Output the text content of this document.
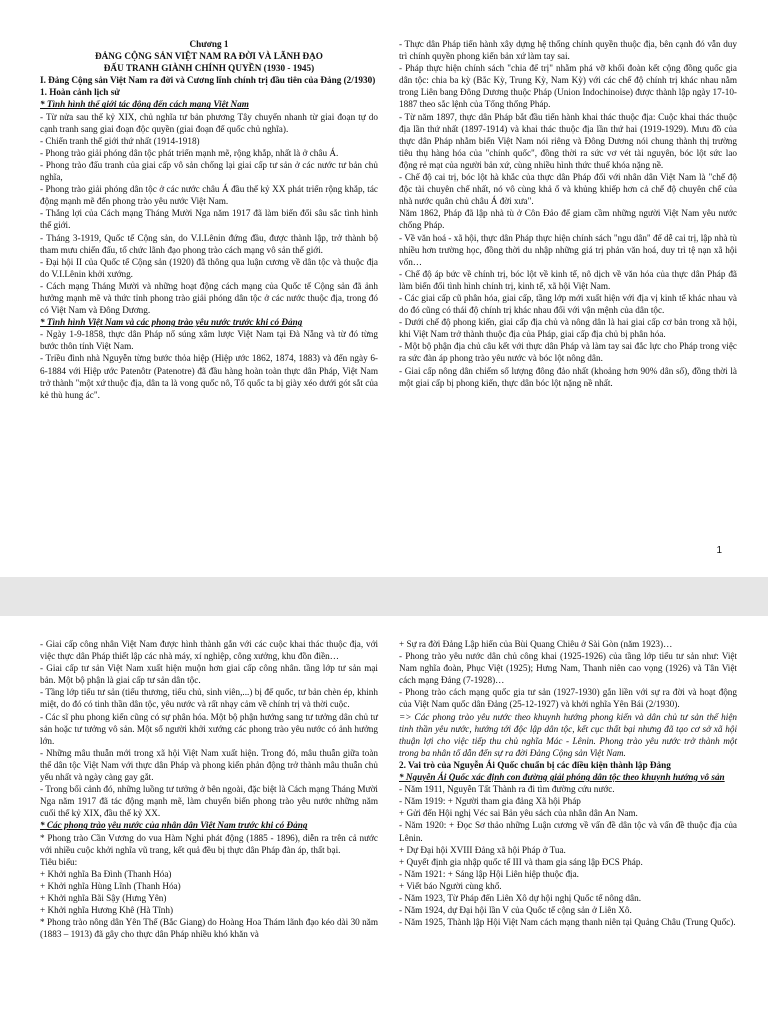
Chương 1

ĐẢNG CỘNG SẢN VIỆT NAM RA ĐỜI VÀ LÃNH ĐẠO

ĐẤU TRANH GIÀNH CHÍNH QUYỀN (1930 - 1945)

I. Đảng Cộng sản Việt Nam ra đời và Cương lĩnh chính trị đầu tiên của Đảng (2/1930)

1. Hoàn cảnh lịch sử

* Tình hình thế giới tác động đến cách mạng Việt Nam

- Từ nửa sau thế kỷ XIX, chủ nghĩa tư bản phương Tây chuyển nhanh từ giai đoạn tự do cạnh tranh sang giai đoạn độc quyền (giai đoạn đế quốc chủ nghĩa).

- Chiến tranh thế giới thứ nhất (1914-1918)

- Phong trào giải phóng dân tộc phát triển mạnh mẽ, rộng khắp, nhất là ở châu Á.

- Phong trào đấu tranh của giai cấp vô sản chống lại giai cấp tư sản ở các nước tư bản chủ nghĩa,

- Phong trào giải phóng dân tộc ở các nước châu Á đầu thế kỷ XX phát triển rộng khắp, tác động mạnh mẽ đến phong trào yêu nước Việt Nam.

- Thắng lợi của Cách mạng Tháng Mười Nga năm 1917 đã làm biến đổi sâu sắc tình hình thế giới.

- Tháng 3-1919, Quốc tế Cộng sản, do V.I.Lênin đứng đầu, được thành lập, trở thành bộ tham mưu chiến đấu, tổ chức lãnh đạo phong trào cách mạng vô sản thế giới.

- Đại hội II của Quốc tế Cộng sản (1920) đã thông qua luận cương về dân tộc và thuộc địa do V.I.Lênin khởi xướng.

- Cách mạng Tháng Mười và những hoạt động cách mạng của Quốc tế Cộng sản đã ảnh hưởng mạnh mẽ và thức tỉnh phong trào giải phóng dân tộc ở các nước thuộc địa, trong đó có Việt Nam và Đông Dương.

* Tình hình Việt Nam và các phong trào yêu nước trước khi có Đảng

- Ngày 1-9-1858, thực dân Pháp nổ súng xâm lược Việt Nam tại Đà Nẵng và từ đó từng bước thôn tính Việt Nam.

- Triều đình nhà Nguyễn từng bước thỏa hiệp (Hiệp ước 1862, 1874, 1883) và đến ngày 6-6-1884 với Hiệp ước Patenôtr (Patenotre) đã đầu hàng hoàn toàn thực dân Pháp, Việt Nam trở thành "một xứ thuộc địa, dân ta là vong quốc nô, Tổ quốc ta bị giày xéo dưới gót sắt của kẻ thù hung ác".

- Thực dân Pháp tiến hành xây dựng hệ thống chính quyền thuộc địa, bên cạnh đó vẫn duy trì chính quyền phong kiến bản xứ làm tay sai.

- Pháp thực hiện chính sách "chia để trị" nhằm phá vỡ khối đoàn kết cộng đồng quốc gia dân tộc: chia ba kỳ (Bắc Kỳ, Trung Kỳ, Nam Kỳ) với các chế độ chính trị khác nhau nằm trong Liên bang Đông Dương thuộc Pháp (Union Indochinoise) được thành lập ngày 17-10-1887 theo sắc lệnh của Tổng thống Pháp.

- Từ năm 1897, thực dân Pháp bắt đầu tiến hành khai thác thuộc địa: Cuộc khai thác thuộc địa lần thứ nhất (1897-1914) và khai thác thuộc địa lần thứ hai (1919-1929). Mưu đồ của thực dân Pháp nhằm biến Việt Nam nói riêng và Đông Dương nói chung thành thị trường tiêu thụ hàng hóa của "chính quốc", đồng thời ra sức vơ vét tài nguyên, bóc lột sức lao động rẻ mạt của người bản xứ, cùng nhiều hình thức thuế khóa nặng nề.

- Chế độ cai trị, bóc lột hà khắc của thực dân Pháp đối với nhân dân Việt Nam là "chế độ độc tài chuyên chế nhất, nó vô cùng khả ố và khủng khiếp hơn cả chế độ chuyên chế của nhà nước quân chủ châu Á đời xưa".

Năm 1862, Pháp đã lập nhà tù ở Côn Đảo để giam cầm những người Việt Nam yêu nước chống Pháp.

- Về văn hoá - xã hội, thực dân Pháp thực hiện chính sách "ngu dân" để dễ cai trị, lập nhà tù nhiều hơn trường học, đồng thời du nhập những giá trị phản văn hoá, duy trì tệ nạn xã hội vốn…

- Chế độ áp bức về chính trị, bóc lột về kinh tế, nô dịch về văn hóa của thực dân Pháp đã làm biến đổi tình hình chính trị, kinh tế, xã hội Việt Nam.

- Các giai cấp cũ phân hóa, giai cấp, tầng lớp mới xuất hiện với địa vị kinh tế khác nhau và do đó cũng có thái độ chính trị khác nhau đối với vận mệnh của dân tộc.

- Dưới chế độ phong kiến, giai cấp địa chủ và nông dân là hai giai cấp cơ bản trong xã hội, khi Việt Nam trở thành thuộc địa của Pháp, giai cấp địa chủ bị phân hóa.

- Một bộ phận địa chủ câu kết với thực dân Pháp và làm tay sai đắc lực cho Pháp trong việc ra sức đàn áp phong trào yêu nước và bóc lột nông dân.

- Giai cấp nông dân chiếm số lượng đông đảo nhất (khoảng hơn 90% dân số), đồng thời là một giai cấp bị phong kiến, thực dân bóc lột nặng nề nhất.

1

- Giai cấp công nhân Việt Nam được hình thành gắn với các cuộc khai thác thuộc địa, với việc thực dân Pháp thiết lập các nhà máy, xí nghiệp, công xưởng, khu đồn điền…

- Giai cấp tư sản Việt Nam xuất hiện muộn hơn giai cấp công nhân. tầng lớp tư sản mại bản. Một bộ phận là giai cấp tư sản dân tộc.

- Tầng lớp tiểu tư sản (tiểu thương, tiểu chủ, sinh viên,...) bị đế quốc, tư bản chèn ép, khinh miệt, do đó có tinh thần dân tộc, yêu nước và rất nhạy cảm về chính trị và thời cuộc.

- Các sĩ phu phong kiến cũng có sự phân hóa. Một bộ phận hướng sang tư tưởng dân chủ tư sản hoặc tư tưởng vô sản. Một số người khởi xướng các phong trào yêu nước có ảnh hưởng lớn.

- Những mâu thuẫn mới trong xã hội Việt Nam xuất hiện. Trong đó, mâu thuẫn giữa toàn thể dân tộc Việt Nam với thực dân Pháp và phong kiến phản động trở thành mâu thuẫn chủ yếu nhất và ngày càng gay gắt.

- Trong bối cảnh đó, những luồng tư tưởng ở bên ngoài, đặc biệt là Cách mạng Tháng Mười Nga năm 1917 đã tác động mạnh mẽ, làm chuyển biến phong trào yêu nước những năm cuối thế kỷ XIX, đầu thế kỷ XX.

* Các phong trào yêu nước của nhân dân Việt Nam trước khi có Đảng

* Phong trào Cần Vương do vua Hàm Nghi phát động (1885 - 1896), diễn ra trên cả nước với nhiều cuộc khởi nghĩa vũ trang, kết quả đều bị thực dân Pháp đàn áp, thất bại.

Tiêu biểu:

+ Khởi nghĩa Ba Đình (Thanh Hóa)

+ Khởi nghĩa Hùng Lĩnh (Thanh Hóa)

+ Khởi nghĩa Bãi Sậy (Hưng Yên)

+ Khởi nghĩa Hương Khê (Hà Tĩnh)

* Phong trào nông dân Yên Thế (Bắc Giang) do Hoàng Hoa Thám lãnh đạo kéo dài 30 năm (1883 – 1913) đã gây cho thực dân Pháp nhiều khó khăn và

+ Sự ra đời Đảng Lập hiến của Bùi Quang Chiêu ở Sài Gòn (năm 1923)…

- Phong trào yêu nước dân chủ công khai (1925-1926) của tầng lớp tiểu tư sản như: Việt Nam nghĩa đoàn, Phục Việt (1925); Hưng Nam, Thanh niên cao vọng (1926) và Tân Việt cách mạng Đảng (7-1928)…

- Phong trào cách mạng quốc gia tư sản (1927-1930) gắn liền với sự ra đời và hoạt động của Việt Nam quốc dân Đảng (25-12-1927) và khởi nghĩa Yên Bái (2/1930).

=> Các phong trào yêu nước theo khuynh hướng phong kiến và dân chủ tư sản thể hiện tinh thần yêu nước, hướng tới độc lập dân tộc, kết cục thất bại nhưng đã tạo cơ sở xã hội thuận lợi cho việc tiếp thu chủ nghĩa Mác - Lênin. Phong trào yêu nước trở thành một trong ba nhân tố dẫn đến sự ra đời Đảng Cộng sản Việt Nam.

2. Vai trò của Nguyễn Ái Quốc chuẩn bị các điều kiện thành lập Đảng

* Nguyễn Ái Quốc xác định con đường giải phóng dân tộc theo khuynh hướng vô sản

- Năm 1911, Nguyễn Tất Thành ra đi tìm đường cứu nước.

- Năm 1919: + Người tham gia đảng Xã hội Pháp

+ Gửi đến Hội nghị Véc sai Bản yêu sách của nhân dân An Nam.

- Năm 1920: + Đọc Sơ thảo những Luận cương về vấn đề dân tộc và vấn đề thuộc địa của Lênin.

+ Dự Đại hội XVIII Đảng xã hội Pháp ở Tua.

+ Quyết định gia nhập quốc tế III và tham gia sáng lập ĐCS Pháp.

- Năm 1921: + Sáng lập Hội Liên hiệp thuộc địa.

+ Viết báo Người cùng khổ.

- Năm 1923, Từ Pháp đến Liên Xô dự hội nghị Quốc tế nông dân.

- Năm 1924, dự Đại hội lần V của Quốc tế cộng sản ở Liên Xô.

- Năm 1925, Thành lập Hội Việt Nam cách mạng thanh niên tại Quảng Châu (Trung Quốc).
